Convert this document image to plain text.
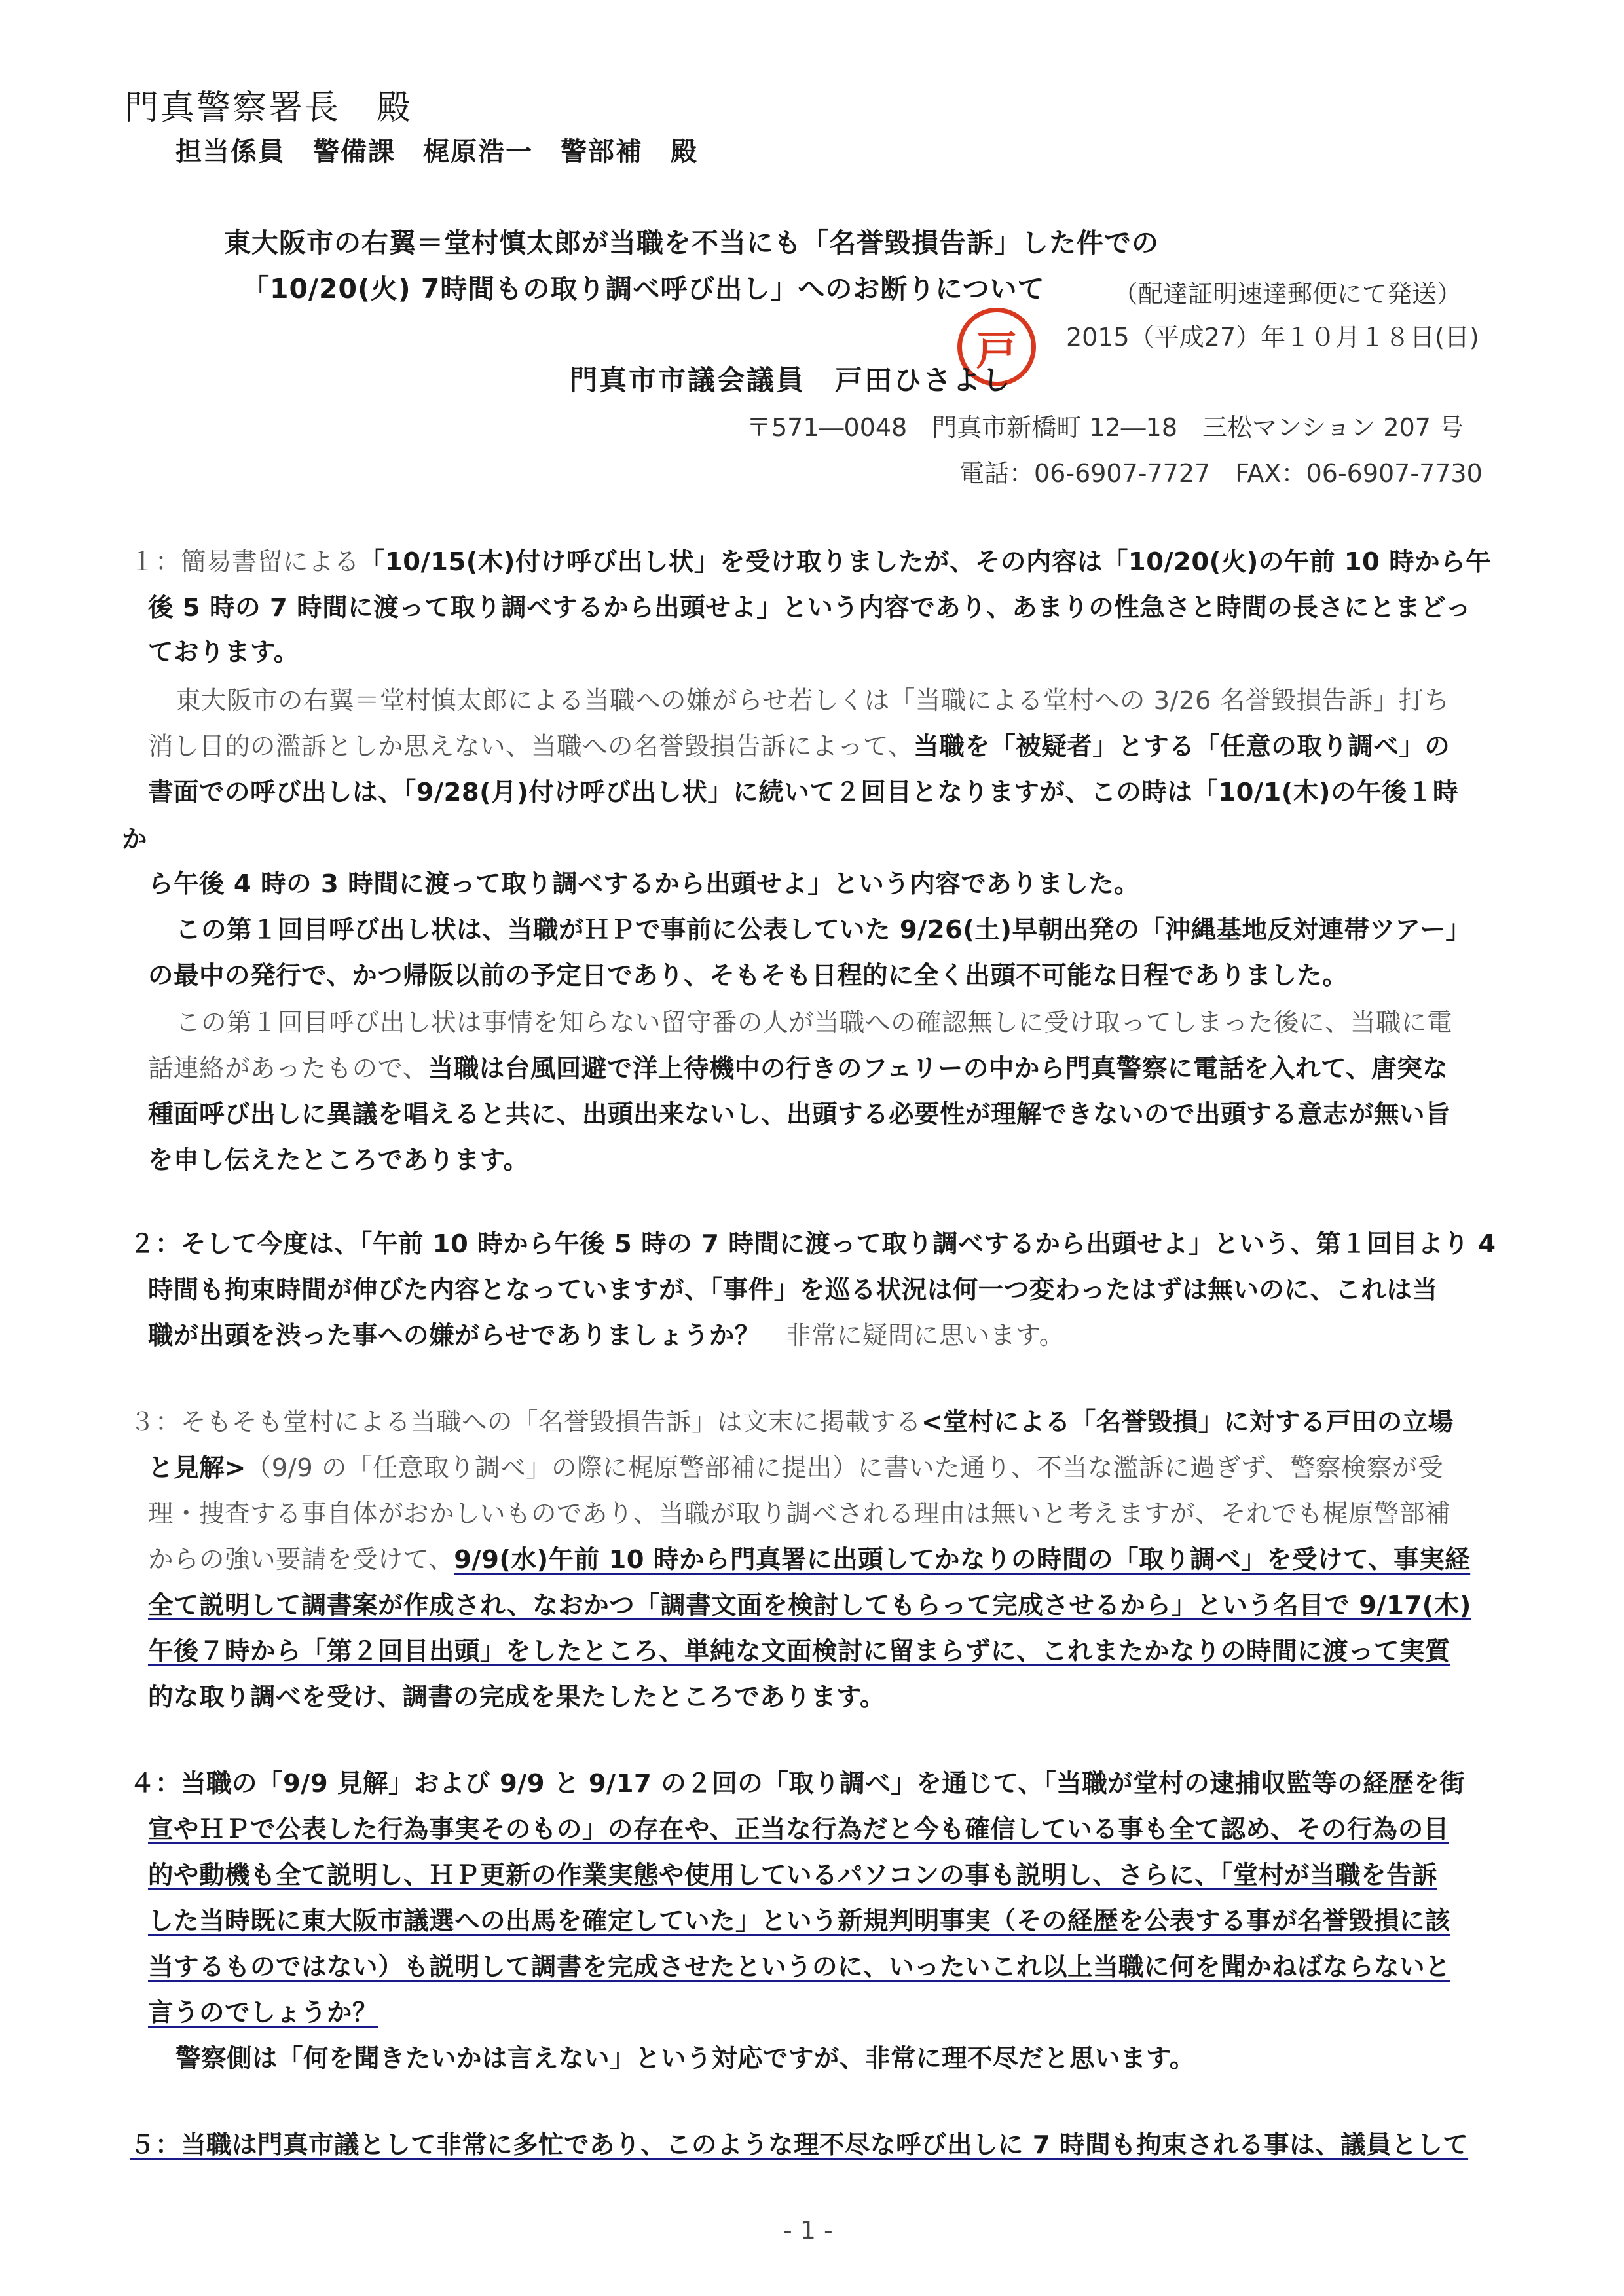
門真警察署長　殿
担当係員　警備課　梶原浩一　警部補　殿
東大阪市の右翼＝堂村慎太郎が当職を不当にも「名誉毀損告訴」した件での
「10/20(火) 7時間もの取り調べ呼び出し」へのお断りについて	（配達証明速達郵便にて発送）
2015（平成27）年１０月１８日(日)
戸
門真市市議会議員　戸田ひさよし
〒571―0048　門真市新橋町 12―18　三松マンション 207 号
電話：06-6907-7727　FAX：06-6907-7730
１：簡易書留による「10/15(木)付け呼び出し状」を受け取りましたが、その内容は「10/20(火)の午前 10 時から午
後 5 時の 7 時間に渡って取り調べするから出頭せよ」という内容であり、あまりの性急さと時間の長さにとまどっ
ております。
東大阪市の右翼＝堂村慎太郎による当職への嫌がらせ若しくは「当職による堂村への 3/26 名誉毀損告訴」打ち
消し目的の濫訴としか思えない、当職への名誉毀損告訴によって、当職を「被疑者」とする「任意の取り調べ」の
書面での呼び出しは、「9/28(月)付け呼び出し状」に続いて２回目となりますが、この時は「10/1(木)の午後１時
か
ら午後 4 時の 3 時間に渡って取り調べするから出頭せよ」という内容でありました。
この第１回目呼び出し状は、当職がＨＰで事前に公表していた 9/26(土)早朝出発の「沖縄基地反対連帯ツアー」
の最中の発行で、かつ帰阪以前の予定日であり、そもそも日程的に全く出頭不可能な日程でありました。
この第１回目呼び出し状は事情を知らない留守番の人が当職への確認無しに受け取ってしまった後に、当職に電
話連絡があったもので、当職は台風回避で洋上待機中の行きのフェリーの中から門真警察に電話を入れて、唐突な
種面呼び出しに異議を唱えると共に、出頭出来ないし、出頭する必要性が理解できないので出頭する意志が無い旨
を申し伝えたところであります。
２：そして今度は、「午前 10 時から午後 5 時の 7 時間に渡って取り調べするから出頭せよ」という、第１回目より 4
時間も拘束時間が伸びた内容となっていますが、「事件」を巡る状況は何一つ変わったはずは無いのに、これは当
職が出頭を渋った事への嫌がらせでありましょうか？　非常に疑問に思います。
３：そもそも堂村による当職への「名誉毀損告訴」は文末に掲載する<堂村による「名誉毀損」に対する戸田の立場
と見解>（9/9 の「任意取り調べ」の際に梶原警部補に提出）に書いた通り、不当な濫訴に過ぎず、警察検察が受
理・捜査する事自体がおかしいものであり、当職が取り調べされる理由は無いと考えますが、それでも梶原警部補
からの強い要請を受けて、9/9(水)午前 10 時から門真署に出頭してかなりの時間の「取り調べ」を受けて、事実経
全て説明して調書案が作成され、なおかつ「調書文面を検討してもらって完成させるから」という名目で 9/17(木)
午後７時から「第２回目出頭」をしたところ、単純な文面検討に留まらずに、これまたかなりの時間に渡って実質
的な取り調べを受け、調書の完成を果たしたところであります。
４：当職の「9/9 見解」および 9/9 と 9/17 の２回の「取り調べ」を通じて、「当職が堂村の逮捕収監等の経歴を街
宣やＨＰで公表した行為事実そのもの」の存在や、正当な行為だと今も確信している事も全て認め、その行為の目
的や動機も全て説明し、ＨＰ更新の作業実態や使用しているパソコンの事も説明し、さらに、「堂村が当職を告訴
した当時既に東大阪市議選への出馬を確定していた」という新規判明事実（その経歴を公表する事が名誉毀損に該
当するものではない）も説明して調書を完成させたというのに、いったいこれ以上当職に何を聞かねばならないと
言うのでしょうか？
警察側は「何を聞きたいかは言えない」という対応ですが、非常に理不尽だと思います。
５：当職は門真市議として非常に多忙であり、このような理不尽な呼び出しに 7 時間も拘束される事は、議員として
- 1 -
